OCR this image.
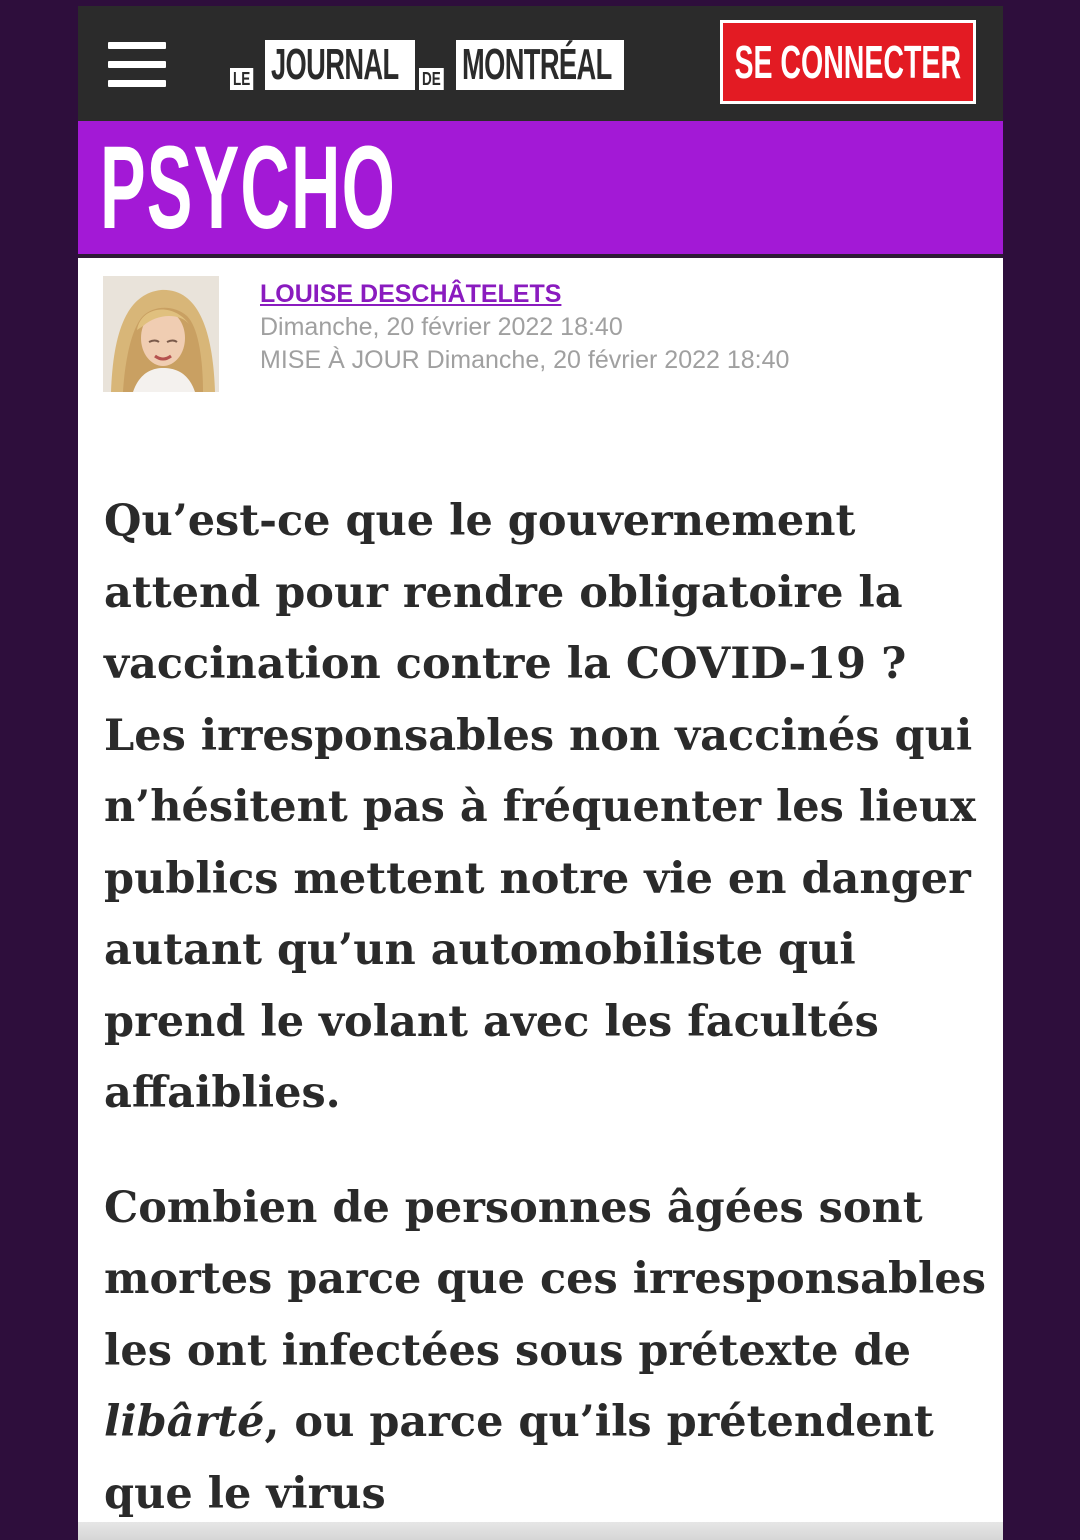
LE JOURNAL	DE MONTRÉAL	SE CONNECTER
PSYCHO
LOUISE DESCHÂTELETS
Dimanche, 20 février 2022 18:40
MISE À JOUR Dimanche, 20 février 2022 18:40

Qu’est-ce que le gouvernement attend pour rendre obligatoire la vaccination contre la COVID-19 ? Les irresponsables non vaccinés qui n’hésitent pas à fréquenter les lieux publics mettent notre vie en danger autant qu’un automobiliste qui prend le volant avec les facultés affaiblies.

Combien de personnes âgées sont mortes parce que ces irresponsables les ont infectées sous prétexte de libârté, ou parce qu’ils prétendent que le virus
